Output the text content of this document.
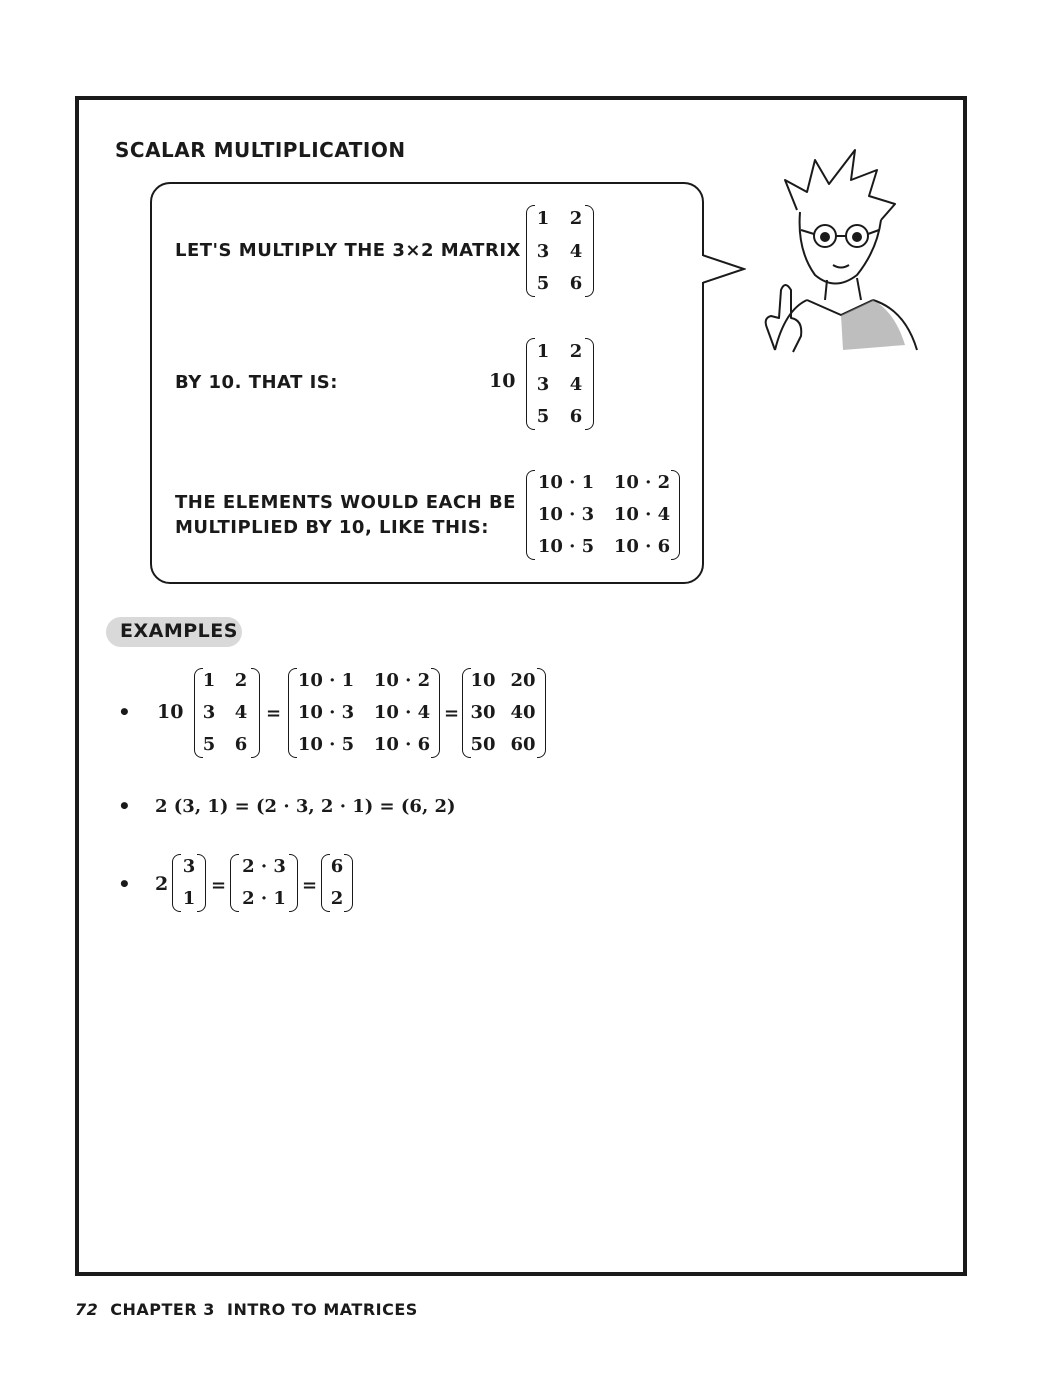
SCALAR MULTIPLICATION
LET'S MULTIPLY THE 3×2 MATRIX
1 2
3 4
5 6
BY 10. THAT IS:	10
1 2
3 4
5 6
THE ELEMENTS WOULD EACH BE
MULTIPLIED BY 10, LIKE THIS:
10 · 1 10 · 2
10 · 3 10 · 4
10 · 5 10 · 6
EXAMPLES
• 10
1 2
3 4
5 6
=
10 · 1 10 · 2
10 · 3 10 · 4
10 · 5 10 · 6
=
10 20
30 40
50 60
• 2 (3, 1) = (2 · 3, 2 · 1) = (6, 2)
• 2
3
1
=
2 · 3
2 · 1
=
6
2
72 CHAPTER 3  INTRO TO MATRICES
